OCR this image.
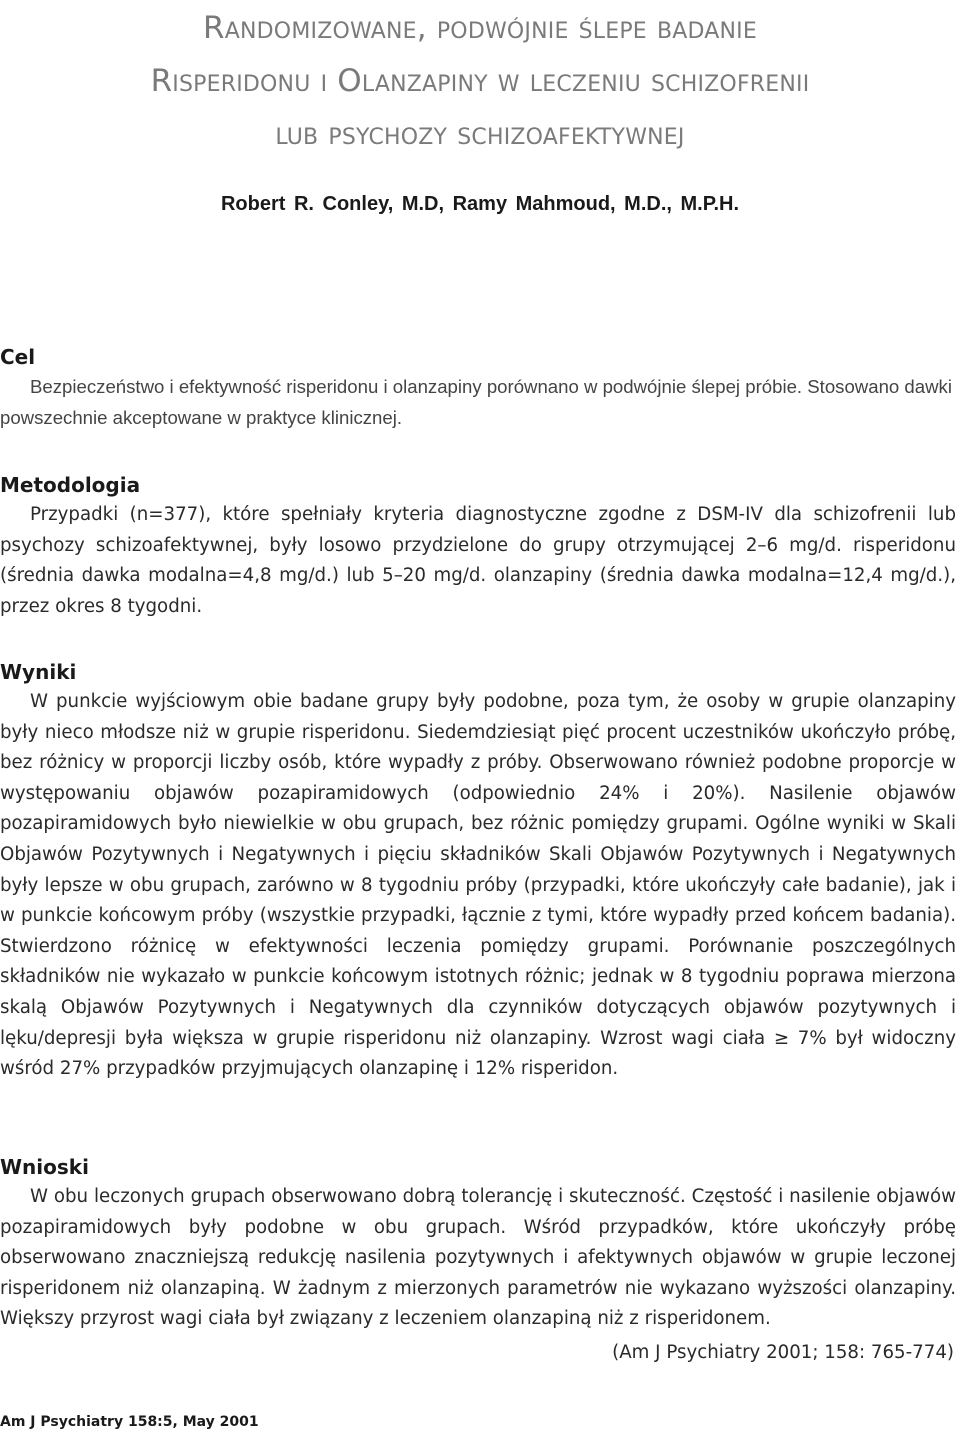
Randomizowane, podwójnie ślepe badanie
Risperidonu i Olanzapiny w leczeniu schizofrenii
lub psychozy schizoafektywnej
Robert R. Conley, M.D, Ramy Mahmoud, M.D., M.P.H.
Cel

Bezpieczeństwo i efektywność risperidonu i olanzapiny porównano w podwójnie ślepej próbie. Stosowano dawki powszechnie akceptowane w praktyce klinicznej.

Metodologia

Przypadki (n=377), które spełniały kryteria diagnostyczne zgodne z DSM-IV dla schizofrenii lub psychozy schizoafektywnej, były losowo przydzielone do grupy otrzymującej 2–6 mg/d. risperidonu (średnia dawka modalna=4,8 mg/d.) lub 5–20 mg/d. olanzapiny (średnia dawka modalna=12,4 mg/d.), przez okres 8 tygodni.

Wyniki

W punkcie wyjściowym obie badane grupy były podobne, poza tym, że osoby w grupie olanzapiny były nieco młodsze niż w grupie risperidonu. Siedemdziesiąt pięć procent uczestników ukończyło próbę, bez różnicy w proporcji liczby osób, które wypadły z próby. Obserwowano również podobne proporcje w występowaniu objawów pozapiramidowych (odpowiednio 24% i 20%). Nasilenie objawów pozapiramidowych było niewielkie w obu grupach, bez różnic pomiędzy grupami. Ogólne wyniki w Skali Objawów Pozytywnych i Negatywnych i pięciu składników Skali Objawów Pozytywnych i Negatywnych były lepsze w obu grupach, zarówno w 8 tygodniu próby (przypadki, które ukończyły całe badanie), jak i w punkcie końcowym próby (wszystkie przypadki, łącznie z tymi, które wypadły przed końcem badania). Stwierdzono różnicę w efektywności leczenia pomiędzy grupami. Porównanie poszczególnych składników nie wykazało w punkcie końcowym istotnych różnic; jednak w 8 tygodniu poprawa mierzona skalą Objawów Pozytywnych i Negatywnych dla czynników dotyczących objawów pozytywnych i lęku/depresji była większa w grupie risperidonu niż olanzapiny. Wzrost wagi ciała ≥ 7% był widoczny wśród 27% przypadków przyjmujących olanzapinę i 12% risperidon.

Wnioski

W obu leczonych grupach obserwowano dobrą tolerancję i skuteczność. Częstość i nasilenie objawów pozapiramidowych były podobne w obu grupach. Wśród przypadków, które ukończyły próbę obserwowano znaczniejszą redukcję nasilenia pozytywnych i afektywnych objawów w grupie leczonej risperidonem niż olanzapiną. W żadnym z mierzonych parametrów nie wykazano wyższości olanzapiny. Większy przyrost wagi ciała był związany z leczeniem olanzapiną niż z risperidonem.

(Am J Psychiatry 2001; 158: 765-774)
Am J Psychiatry 158:5, May 2001
